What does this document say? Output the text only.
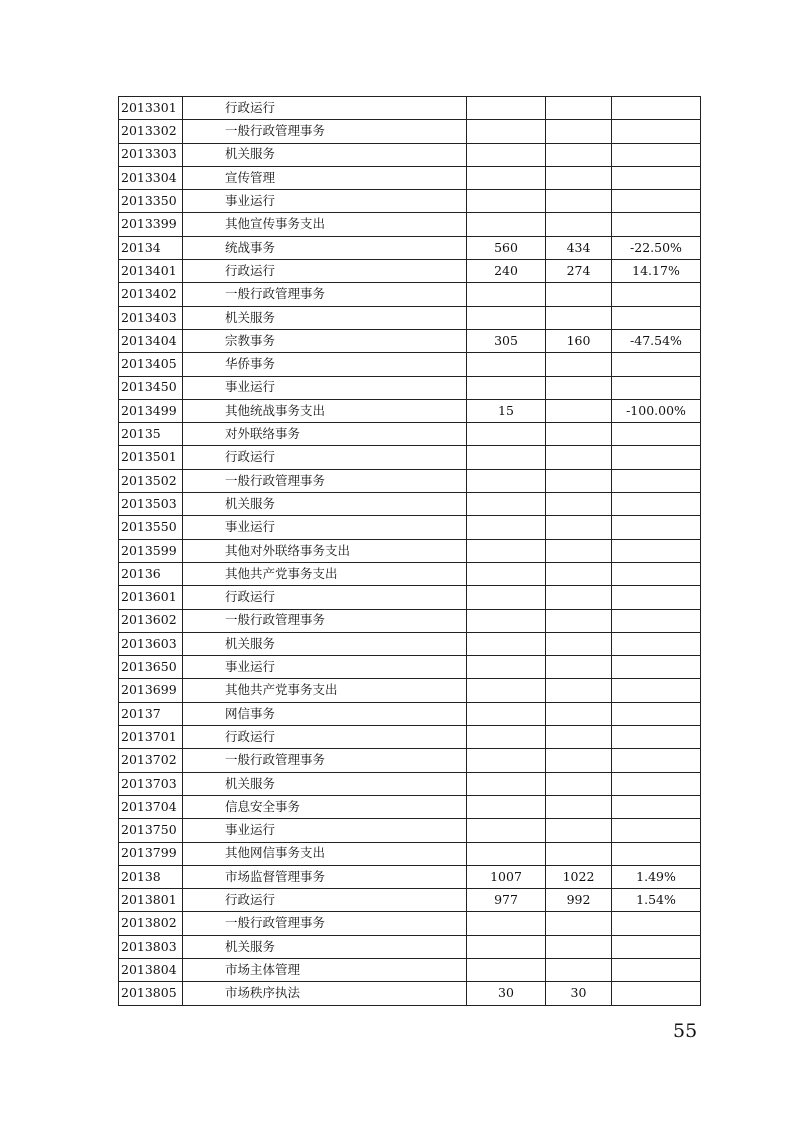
2013301	行政运行			
2013302	一般行政管理事务			
2013303	机关服务			
2013304	宣传管理			
2013350	事业运行			
2013399	其他宣传事务支出			
20134	统战事务	560	434	-22.50%
2013401	行政运行	240	274	14.17%
2013402	一般行政管理事务			
2013403	机关服务			
2013404	宗教事务	305	160	-47.54%
2013405	华侨事务			
2013450	事业运行			
2013499	其他统战事务支出	15		-100.00%
20135	对外联络事务			
2013501	行政运行			
2013502	一般行政管理事务			
2013503	机关服务			
2013550	事业运行			
2013599	其他对外联络事务支出			
20136	其他共产党事务支出			
2013601	行政运行			
2013602	一般行政管理事务			
2013603	机关服务			
2013650	事业运行			
2013699	其他共产党事务支出			
20137	网信事务			
2013701	行政运行			
2013702	一般行政管理事务			
2013703	机关服务			
2013704	信息安全事务			
2013750	事业运行			
2013799	其他网信事务支出			
20138	市场监督管理事务	1007	1022	1.49%
2013801	行政运行	977	992	1.54%
2013802	一般行政管理事务			
2013803	机关服务			
2013804	市场主体管理			
2013805	市场秩序执法	30	30	
55
